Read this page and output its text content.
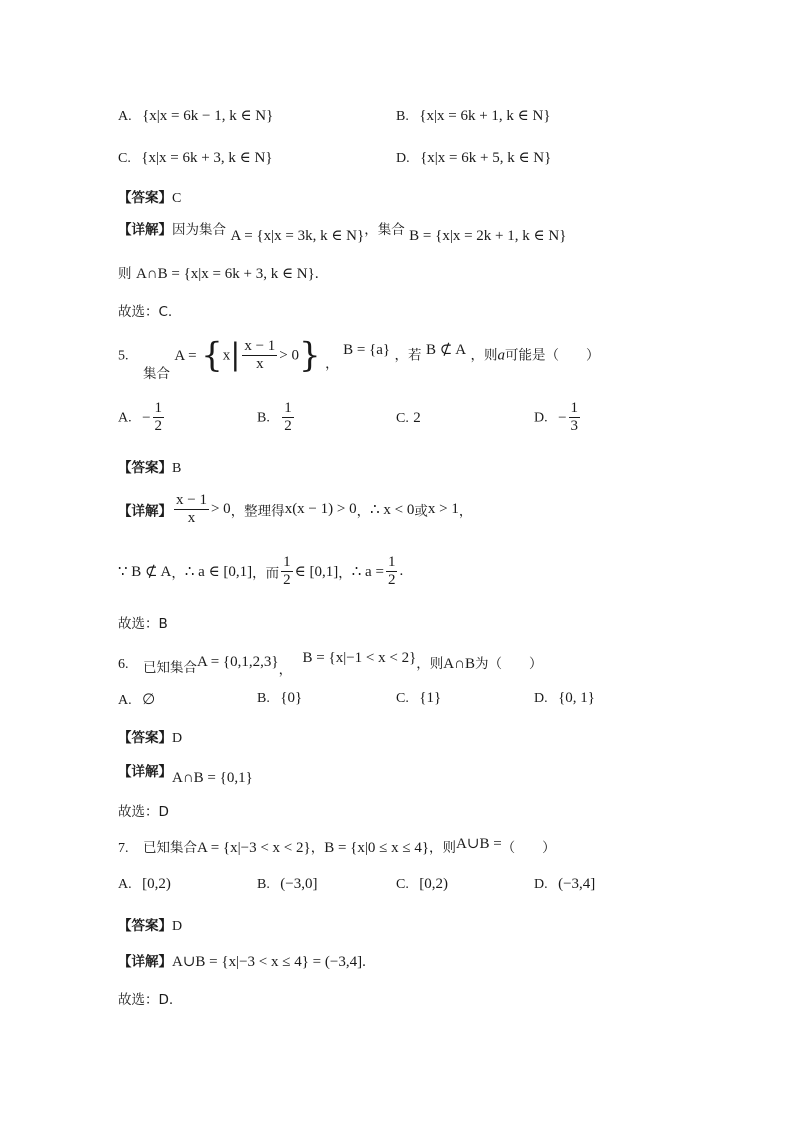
A. {x|x = 6k − 1, k ∈ N}	B. {x|x = 6k + 1, k ∈ N}
C. {x|x = 6k + 3, k ∈ N}	D. {x|x = 6k + 5, k ∈ N}
【答案】C
【详解】因为集合 A = {x|x = 3k, k ∈ N}，集合 B = {x|x = 2k + 1, k ∈ N}
则 A∩B = {x|x = 6k + 3, k ∈ N}.
故选：C.
5. 集合 $A = \{x| \frac{x - 1}{x} > 0\}$ ， B = {a} ，若 B ⊄ A ，则a可能是（　　）
A. − $\frac{1}{2}$	B. $\frac{1}{2}$	C. 2	D. − $\frac{1}{3}$
【答案】B
【详解】 $\frac{x - 1}{x} > 0$，整理得x(x − 1) > 0，∴ x < 0或x > 1，
∵ B ⊄ A，∴ a ∈ [0,1]，而 $\frac{1}{2}$ ∈ [0,1]，∴ $a = \frac{1}{2}$ .
故选：B
6. 已知集合A = {0,1,2,3}， B = {x|−1 < x < 2}，则A∩B为（　　）
A. ∅	B. {0}	C. {1}	D. {0, 1}
【答案】D
【详解】A∩B = {0,1}
故选：D
7. 已知集合A = {x|−3 < x < 2}，B = {x|0 ≤ x ≤ 4}，则A∪B =（　　）
A. [0,2)	B. (−3,0]	C. [0,2)	D. (−3,4]
【答案】D
【详解】A∪B = {x|−3 < x ≤ 4} = (−3,4].
故选：D.
